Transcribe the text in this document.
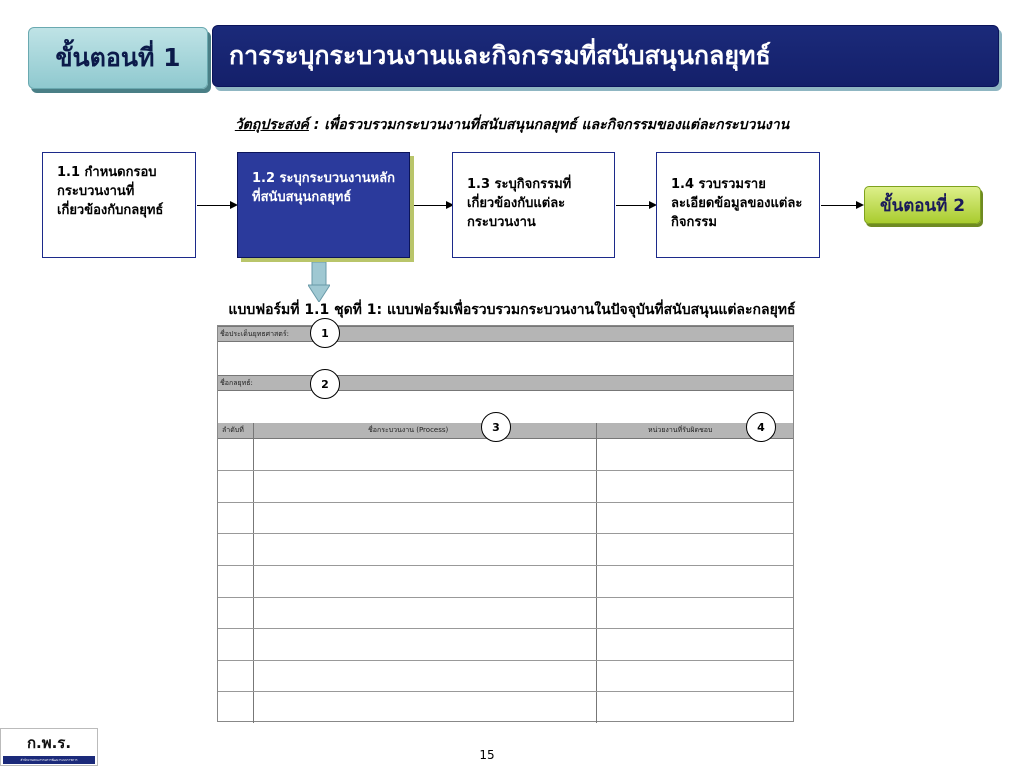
ขั้นตอนที่ 1	การระบุกระบวนงานและกิจกรรมที่สนับสนุนกลยุทธ์
วัตถุประสงค์ : เพื่อรวบรวมกระบวนงานที่สนับสนุนกลยุทธ์ และกิจกรรมของแต่ละกระบวนงาน
1.1 กำหนดกรอบกระบวนงานที่เกี่ยวข้องกับกลยุทธ์
1.2 ระบุกระบวนงานหลักที่สนับสนุนกลยุทธ์
1.3 ระบุกิจกรรมที่เกี่ยวข้องกับแต่ละกระบวนงาน
1.4 รวบรวมรายละเอียดข้อมูลของแต่ละกิจกรรม
ขั้นตอนที่ 2
แบบฟอร์มที่ 1.1 ชุดที่ 1: แบบฟอร์มเพื่อรวบรวมกระบวนงานในปัจจุบันที่สนับสนุนแต่ละกลยุทธ์
ชื่อประเด็นยุทธศาสตร์:
ชื่อกลยุทธ์:
ลำดับที่	ชื่อกระบวนงาน (Process)	หน่วยงานที่รับผิดชอบ
1
2
3	4
ก.พ.ร.
สำนักงานคณะกรรมการพัฒนาระบบราชการ	15
